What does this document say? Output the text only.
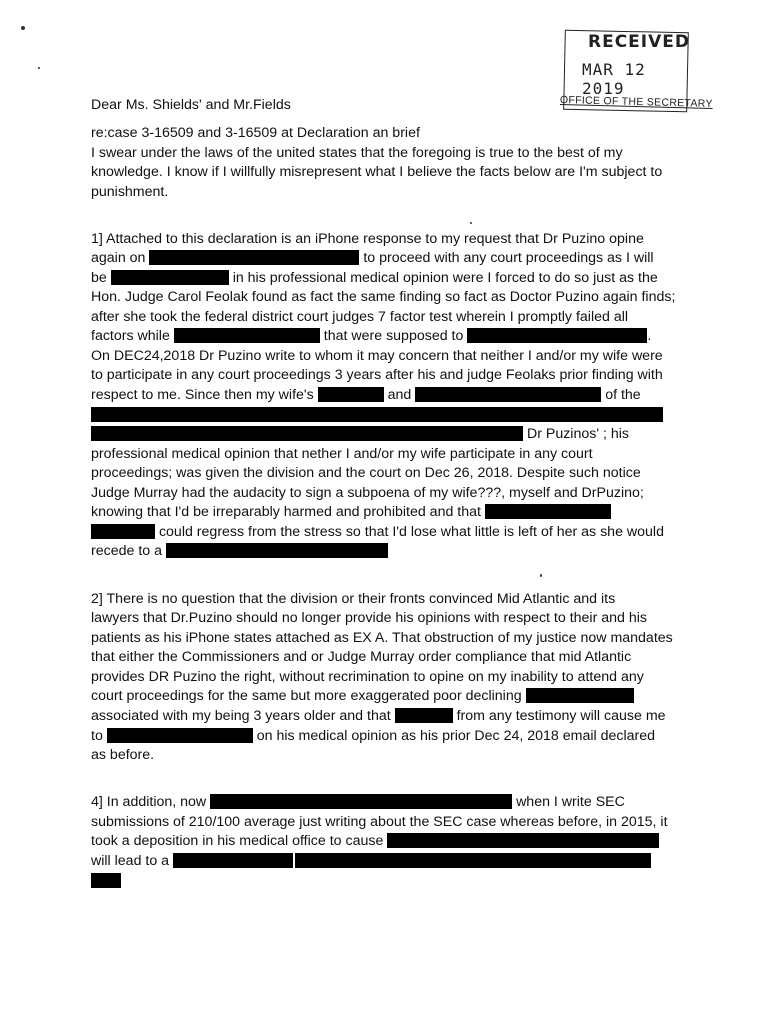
RECEIVED
MAR 12 2019
OFFICE OF THE SECRETARY
Dear Ms. Shields' and Mr.Fields
re:case 3-16509 and 3-16509 at Declaration an brief
I swear under the laws of the united states that the foregoing is true to the best of my
knowledge. I know if I willfully misrepresent what I believe the facts below are I'm subject to
punishment.
1] Attached to this declaration is an iPhone response to my request that Dr Puzino opine
again on	to proceed with any court proceedings as I will
be	in his professional medical opinion were I forced to do so just as the
Hon. Judge Carol Feolak found as fact the same finding so fact as Doctor Puzino again finds;
after she took the federal district court judges 7 factor test wherein I promptly failed all
factors while	that were supposed to	.
On DEC24,2018 Dr Puzino write to whom it may concern that neither I and/or my wife were
to participate in any court proceedings 3 years after his and judge Feolaks prior finding with
respect to me. Since then my wife's	and	of the
Dr Puzinos' ; his
professional medical opinion that nether I and/or my wife participate in any court
proceedings; was given the division and the court on Dec 26, 2018. Despite such notice
Judge Murray had the audacity to sign a subpoena of my wife???, myself and DrPuzino;
knowing that I'd be irreparably harmed and prohibited and that
could regress from the stress so that I'd lose what little is left of her as she would
recede to a
2] There is no question that the division or their fronts convinced Mid Atlantic and its
lawyers that Dr.Puzino should no longer provide his opinions with respect to their and his
patients as his iPhone states attached as EX A. That obstruction of my justice now mandates
that either the Commissioners and or Judge Murray order compliance that mid Atlantic
provides DR Puzino the right, without recrimination to opine on my inability to attend any
court proceedings for the same but more exaggerated poor declining
associated with my being 3 years older and that	from any testimony will cause me
to	on his medical opinion as his prior Dec 24, 2018 email declared
as before.
4] In addition, now	when I write SEC
submissions of 210/100 average just writing about the SEC case whereas before, in 2015, it
took a deposition in his medical office to cause
will lead to a
